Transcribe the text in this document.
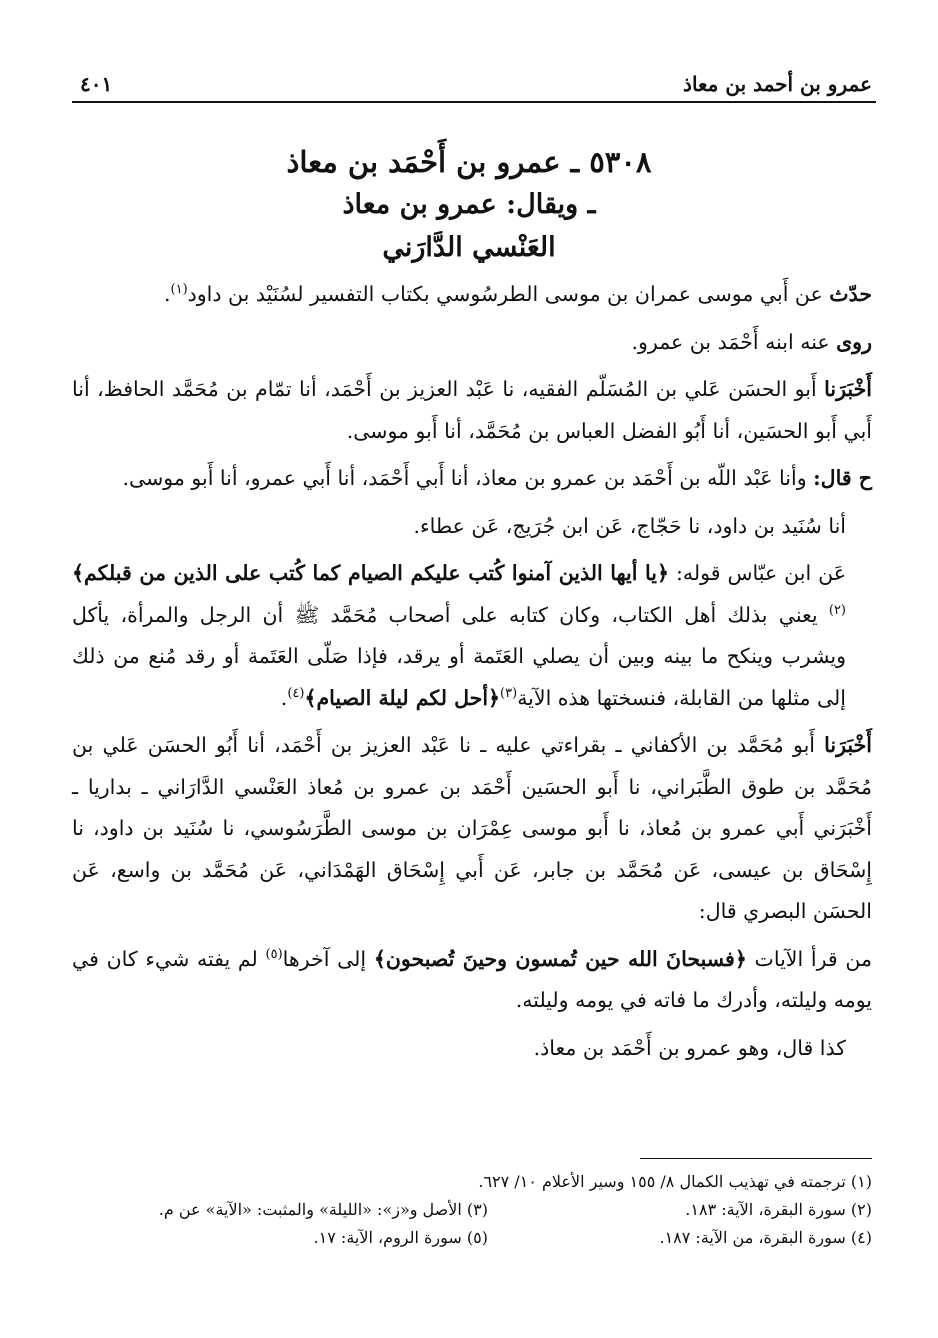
عمرو بن أحمد بن معاذ
٤٠١
٥٣٠٨ ـ عمرو بن أَحْمَد بن معاذ
ـ ويقال: عمرو بن معاذ
العَنْسي الدَّارَني

حدّث عن أَبي موسى عمران بن موسى الطرسُوسي بكتاب التفسير لسُنَيْد بن داود$^{(١)}$.

روى عنه ابنه أَحْمَد بن عمرو.

أَخْبَرَنا أَبو الحسَن عَلي بن المُسَلّم الفقيه، نا عَبْد العزيز بن أَحْمَد، أنا تمّام بن مُحَمَّد الحافظ، أنا أَبي أَبو الحسَين، أنا أَبُو الفضل العباس بن مُحَمَّد، أنا أَبو موسى.

ح قال: وأنا عَبْد اللّه بن أَحْمَد بن عمرو بن معاذ، أنا أَبي أَحْمَد، أنا أَبي عمرو، أنا أَبو موسى.

أنا سُنَيد بن داود، نا حَجّاج، عَن ابن جُرَيج، عَن عطاء.

عَن ابن عبّاس قوله: ﴿يا أيها الذين آمنوا كُتب عليكم الصيام كما كُتب على الذين من قبلكم﴾$^{(٢)}$ يعني بذلك أهل الكتاب، وكان كتابه على أصحاب مُحَمَّد ﷺ أن الرجل والمرأة، يأكل ويشرب وينكح ما بينه وبين أن يصلي العَتَمة أو يرقد، فإذا صَلّى العَتَمة أو رقد مُنع من ذلك إلى مثلها من القابلة، فنسختها هذه الآية$^{(٣)}$﴿أحل لكم ليلة الصيام﴾$^{(٤)}$.

أَخْبَرَنا أَبو مُحَمَّد بن الأكفاني ـ بقراءتي عليه ـ نا عَبْد العزيز بن أَحْمَد، أنا أَبُو الحسَن عَلي بن مُحَمَّد بن طوق الطَّبَراني، نا أَبو الحسَين أَحْمَد بن عمرو بن مُعاذ العَنْسي الدَّارَاني ـ بداريا ـ أَخْبَرَني أَبي عمرو بن مُعاذ، نا أَبو موسى عِمْرَان بن موسى الطَّرَسُوسي، نا سُنَيد بن داود، نا إِسْحَاق بن عيسى، عَن مُحَمَّد بن جابر، عَن أَبي إِسْحَاق الهَمْدَاني، عَن مُحَمَّد بن واسع، عَن الحسَن البصري قال:

من قرأ الآيات ﴿فسبحانَ الله حين تُمسون وحينَ تُصبحون﴾ إلى آخرها$^{(٥)}$ لم يفته شيء كان في يومه وليلته، وأدرك ما فاته في يومه وليلته.

كذا قال، وهو عمرو بن أَحْمَد بن معاذ.

(١) ترجمته في تهذيب الكمال ٨/ ١٥٥ وسير الأعلام ١٠/ ٦٢٧.
(٢) سورة البقرة، الآية: ١٨٣.
(٣) الأصل و«ز»: «الليلة» والمثبت: «الآية» عن م.
(٤) سورة البقرة، من الآية: ١٨٧.
(٥) سورة الروم، الآية: ١٧.
